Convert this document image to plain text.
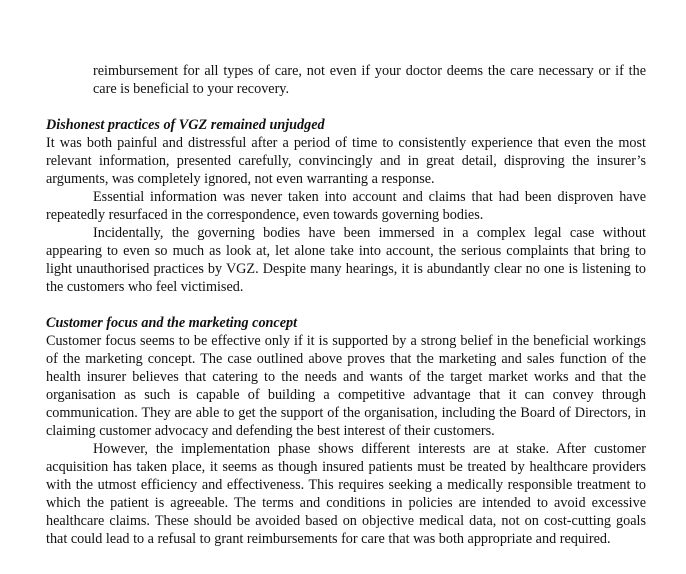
reimbursement for all types of care, not even if your doctor deems the care necessary or if the care is beneficial to your recovery.

Dishonest practices of VGZ remained unjudged

It was both painful and distressful after a period of time to consistently experience that even the most relevant information, presented carefully, convincingly and in great detail, disproving the insurer’s arguments, was completely ignored, not even warranting a response.

Essential information was never taken into account and claims that had been disproven have repeatedly resurfaced in the correspondence, even towards governing bodies.

Incidentally, the governing bodies have been immersed in a complex legal case without appearing to even so much as look at, let alone take into account, the serious complaints that bring to light unauthorised practices by VGZ. Despite many hearings, it is abundantly clear no one is listening to the customers who feel victimised.

Customer focus and the marketing concept

Customer focus seems to be effective only if it is supported by a strong belief in the beneficial workings of the marketing concept. The case outlined above proves that the marketing and sales function of the health insurer believes that catering to the needs and wants of the target market works and that the organisation as such is capable of building a competitive advantage that it can convey through communication. They are able to get the support of the organisation, including the Board of Directors, in claiming customer advocacy and defending the best interest of their customers.

However, the implementation phase shows different interests are at stake. After customer acquisition has taken place, it seems as though insured patients must be treated by healthcare providers with the utmost efficiency and effectiveness. This requires seeking a medically responsible treatment to which the patient is agreeable. The terms and conditions in policies are intended to avoid excessive healthcare claims. These should be avoided based on objective medical data, not on cost-cutting goals that could lead to a refusal to grant reimbursements for care that was both appropriate and required.
